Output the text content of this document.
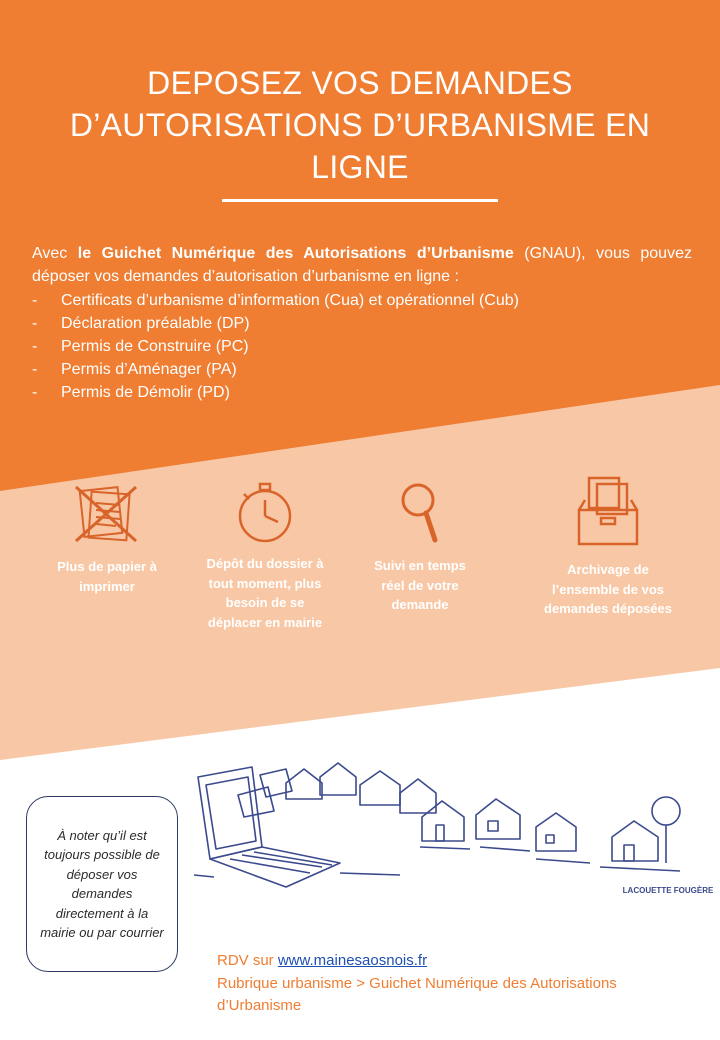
DEPOSEZ VOS DEMANDES D’AUTORISATIONS D’URBANISME EN LIGNE
Avec le Guichet Numérique des Autorisations d’Urbanisme (GNAU), vous pouvez déposer vos demandes d’autorisation d’urbanisme en ligne :
- Certificats d’urbanisme d’information (Cua) et opérationnel (Cub)
- Déclaration préalable (DP)
- Permis de Construire (PC)
- Permis d’Aménager (PA)
- Permis de Démolir (PD)
Plus de papier à imprimer
Dépôt du dossier à tout moment, plus besoin de se déplacer en mairie
Suivi en temps réel de votre demande
Archivage de l’ensemble de vos demandes déposées
À noter qu’il est toujours possible de déposer vos demandes directement à la mairie ou par courrier
LACOUETTE FOUGÈRE
RDV sur www.mainesaosnois.fr
Rubrique urbanisme > Guichet Numérique des Autorisations d’Urbanisme
